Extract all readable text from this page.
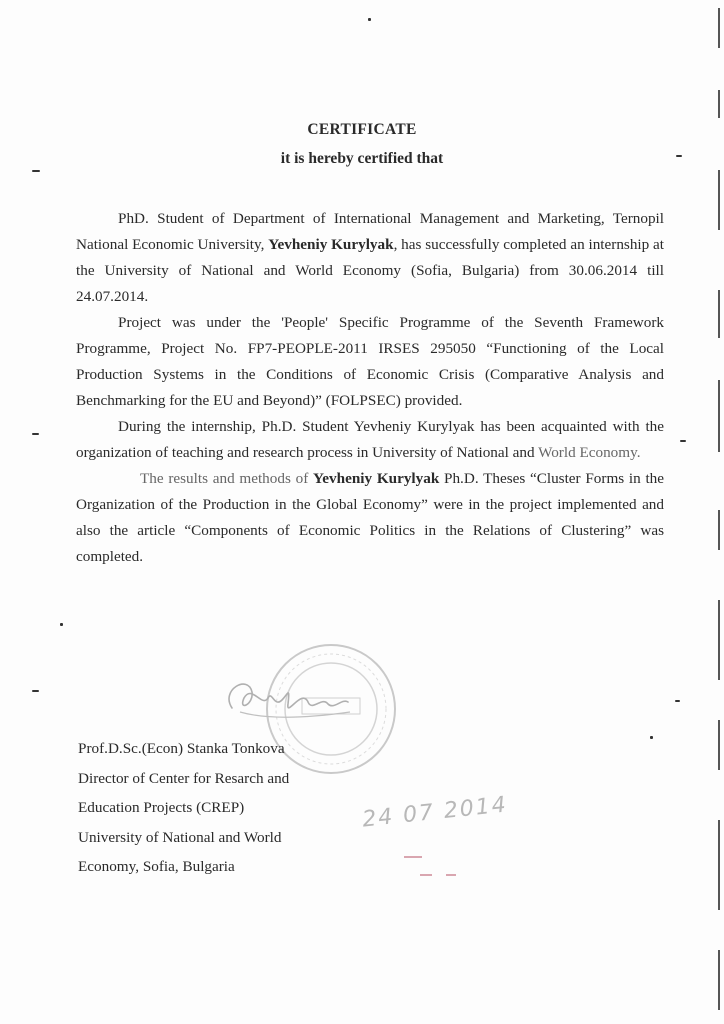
CERTIFICATE
it is hereby certified that

PhD. Student of Department of International Management and Marketing, Ternopil National Economic University, Yevheniy Kurylyak, has successfully completed an internship at the University of National and World Economy (Sofia, Bulgaria) from 30.06.2014 till 24.07.2014.

Project was under the 'People' Specific Programme of the Seventh Framework Programme, Project No. FP7-PEOPLE-2011 IRSES 295050 “Functioning of the Local Production Systems in the Conditions of Economic Crisis (Comparative Analysis and Benchmarking for the EU and Beyond)” (FOLPSEC) provided.

During the internship, Ph.D. Student Yevheniy Kurylyak has been acquainted with the organization of teaching and research process in University of National and World Economy.

The results and methods of Yevheniy Kurylyak Ph.D. Theses “Cluster Forms in the Organization of the Production in the Global Economy” were in the project implemented and also the article “Components of Economic Politics in the Relations of Clustering” was completed.

Prof.D.Sc.(Econ) Stanka Tonkova
Director of Center for Resarch and
Education Projects (CREP)
University of National and World
Economy, Sofia, Bulgaria
24 07 2014
